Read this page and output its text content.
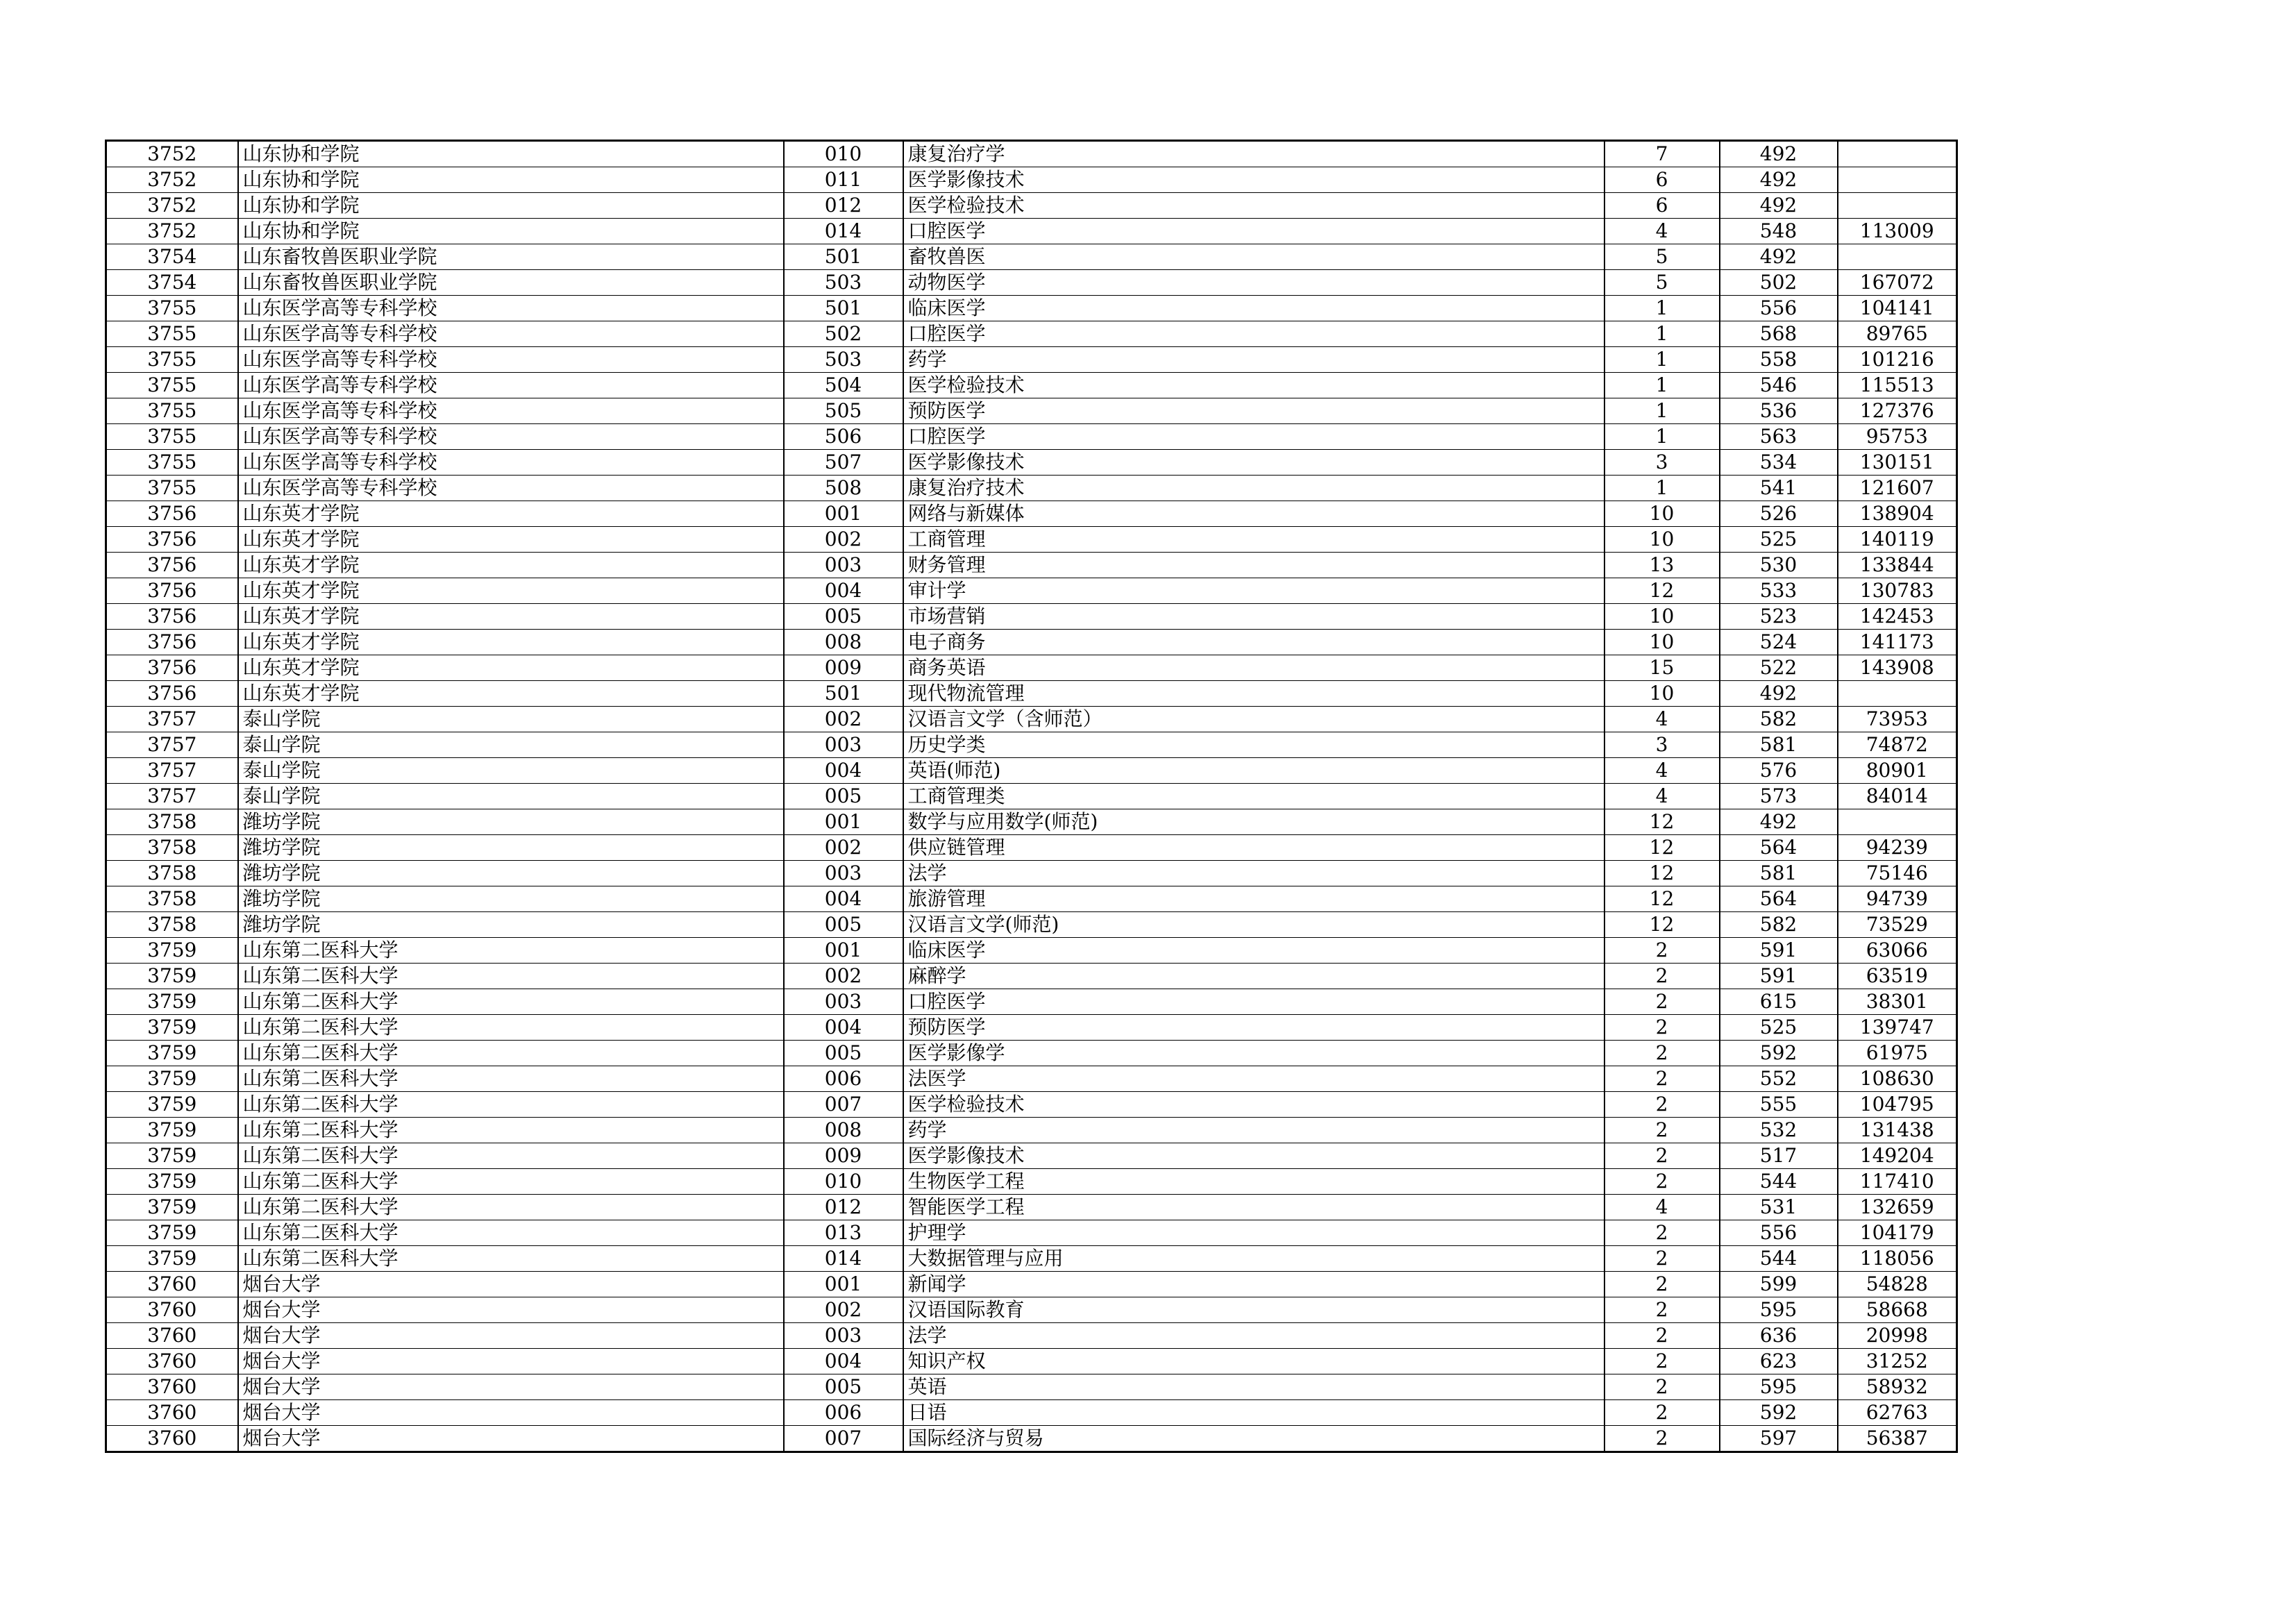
3752	山东协和学院	010	康复治疗学	7	492	
3752	山东协和学院	011	医学影像技术	6	492	
3752	山东协和学院	012	医学检验技术	6	492	
3752	山东协和学院	014	口腔医学	4	548	113009
3754	山东畜牧兽医职业学院	501	畜牧兽医	5	492	
3754	山东畜牧兽医职业学院	503	动物医学	5	502	167072
3755	山东医学高等专科学校	501	临床医学	1	556	104141
3755	山东医学高等专科学校	502	口腔医学	1	568	89765
3755	山东医学高等专科学校	503	药学	1	558	101216
3755	山东医学高等专科学校	504	医学检验技术	1	546	115513
3755	山东医学高等专科学校	505	预防医学	1	536	127376
3755	山东医学高等专科学校	506	口腔医学	1	563	95753
3755	山东医学高等专科学校	507	医学影像技术	3	534	130151
3755	山东医学高等专科学校	508	康复治疗技术	1	541	121607
3756	山东英才学院	001	网络与新媒体	10	526	138904
3756	山东英才学院	002	工商管理	10	525	140119
3756	山东英才学院	003	财务管理	13	530	133844
3756	山东英才学院	004	审计学	12	533	130783
3756	山东英才学院	005	市场营销	10	523	142453
3756	山东英才学院	008	电子商务	10	524	141173
3756	山东英才学院	009	商务英语	15	522	143908
3756	山东英才学院	501	现代物流管理	10	492	
3757	泰山学院	002	汉语言文学（含师范）	4	582	73953
3757	泰山学院	003	历史学类	3	581	74872
3757	泰山学院	004	英语(师范)	4	576	80901
3757	泰山学院	005	工商管理类	4	573	84014
3758	潍坊学院	001	数学与应用数学(师范)	12	492	
3758	潍坊学院	002	供应链管理	12	564	94239
3758	潍坊学院	003	法学	12	581	75146
3758	潍坊学院	004	旅游管理	12	564	94739
3758	潍坊学院	005	汉语言文学(师范)	12	582	73529
3759	山东第二医科大学	001	临床医学	2	591	63066
3759	山东第二医科大学	002	麻醉学	2	591	63519
3759	山东第二医科大学	003	口腔医学	2	615	38301
3759	山东第二医科大学	004	预防医学	2	525	139747
3759	山东第二医科大学	005	医学影像学	2	592	61975
3759	山东第二医科大学	006	法医学	2	552	108630
3759	山东第二医科大学	007	医学检验技术	2	555	104795
3759	山东第二医科大学	008	药学	2	532	131438
3759	山东第二医科大学	009	医学影像技术	2	517	149204
3759	山东第二医科大学	010	生物医学工程	2	544	117410
3759	山东第二医科大学	012	智能医学工程	4	531	132659
3759	山东第二医科大学	013	护理学	2	556	104179
3759	山东第二医科大学	014	大数据管理与应用	2	544	118056
3760	烟台大学	001	新闻学	2	599	54828
3760	烟台大学	002	汉语国际教育	2	595	58668
3760	烟台大学	003	法学	2	636	20998
3760	烟台大学	004	知识产权	2	623	31252
3760	烟台大学	005	英语	2	595	58932
3760	烟台大学	006	日语	2	592	62763
3760	烟台大学	007	国际经济与贸易	2	597	56387
